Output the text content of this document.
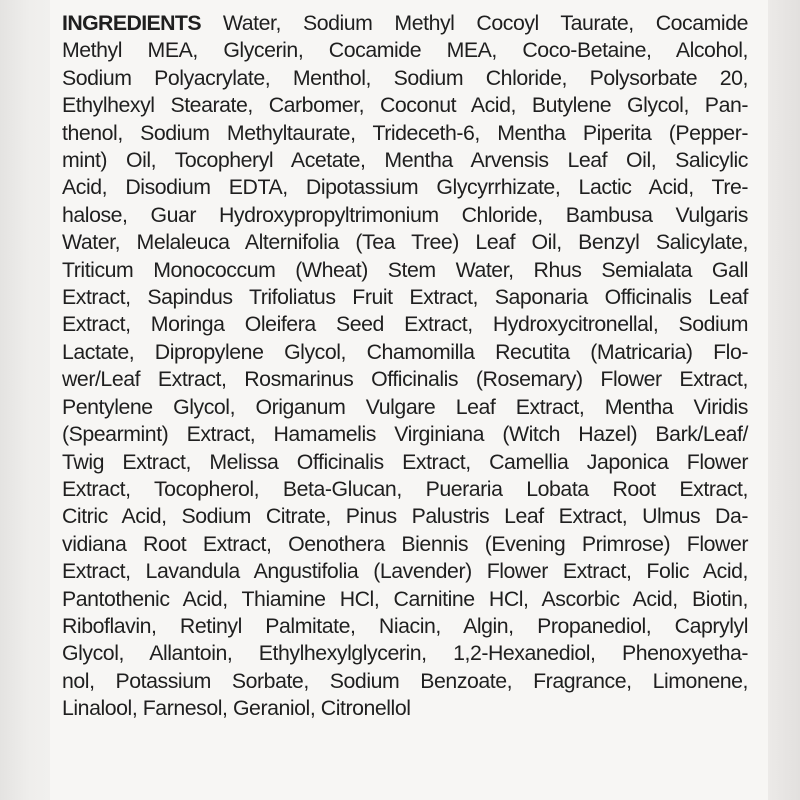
INGREDIENTS Water, Sodium Methyl Cocoyl Taurate, Cocamide
Methyl MEA, Glycerin, Cocamide MEA, Coco-Betaine, Alcohol,
Sodium Polyacrylate, Menthol, Sodium Chloride, Polysorbate 20,
Ethylhexyl Stearate, Carbomer, Coconut Acid, Butylene Glycol, Pan-
thenol, Sodium Methyltaurate, Trideceth-6, Mentha Piperita (Pepper-
mint) Oil, Tocopheryl Acetate, Mentha Arvensis Leaf Oil, Salicylic
Acid, Disodium EDTA, Dipotassium Glycyrrhizate, Lactic Acid, Tre-
halose, Guar Hydroxypropyltrimonium Chloride, Bambusa Vulgaris
Water, Melaleuca Alternifolia (Tea Tree) Leaf Oil, Benzyl Salicylate,
Triticum Monococcum (Wheat) Stem Water, Rhus Semialata Gall
Extract, Sapindus Trifoliatus Fruit Extract, Saponaria Officinalis Leaf
Extract, Moringa Oleifera Seed Extract, Hydroxycitronellal, Sodium
Lactate, Dipropylene Glycol, Chamomilla Recutita (Matricaria) Flo-
wer/Leaf Extract, Rosmarinus Officinalis (Rosemary) Flower Extract,
Pentylene Glycol, Origanum Vulgare Leaf Extract, Mentha Viridis
(Spearmint) Extract, Hamamelis Virginiana (Witch Hazel) Bark/Leaf/
Twig Extract, Melissa Officinalis Extract, Camellia Japonica Flower
Extract, Tocopherol, Beta-Glucan, Pueraria Lobata Root Extract,
Citric Acid, Sodium Citrate, Pinus Palustris Leaf Extract, Ulmus Da-
vidiana Root Extract, Oenothera Biennis (Evening Primrose) Flower
Extract, Lavandula Angustifolia (Lavender) Flower Extract, Folic Acid,
Pantothenic Acid, Thiamine HCl, Carnitine HCl, Ascorbic Acid, Biotin,
Riboflavin, Retinyl Palmitate, Niacin, Algin, Propanediol, Caprylyl
Glycol, Allantoin, Ethylhexylglycerin, 1,2-Hexanediol, Phenoxyetha-
nol, Potassium Sorbate, Sodium Benzoate, Fragrance, Limonene,
Linalool, Farnesol, Geraniol, Citronellol
